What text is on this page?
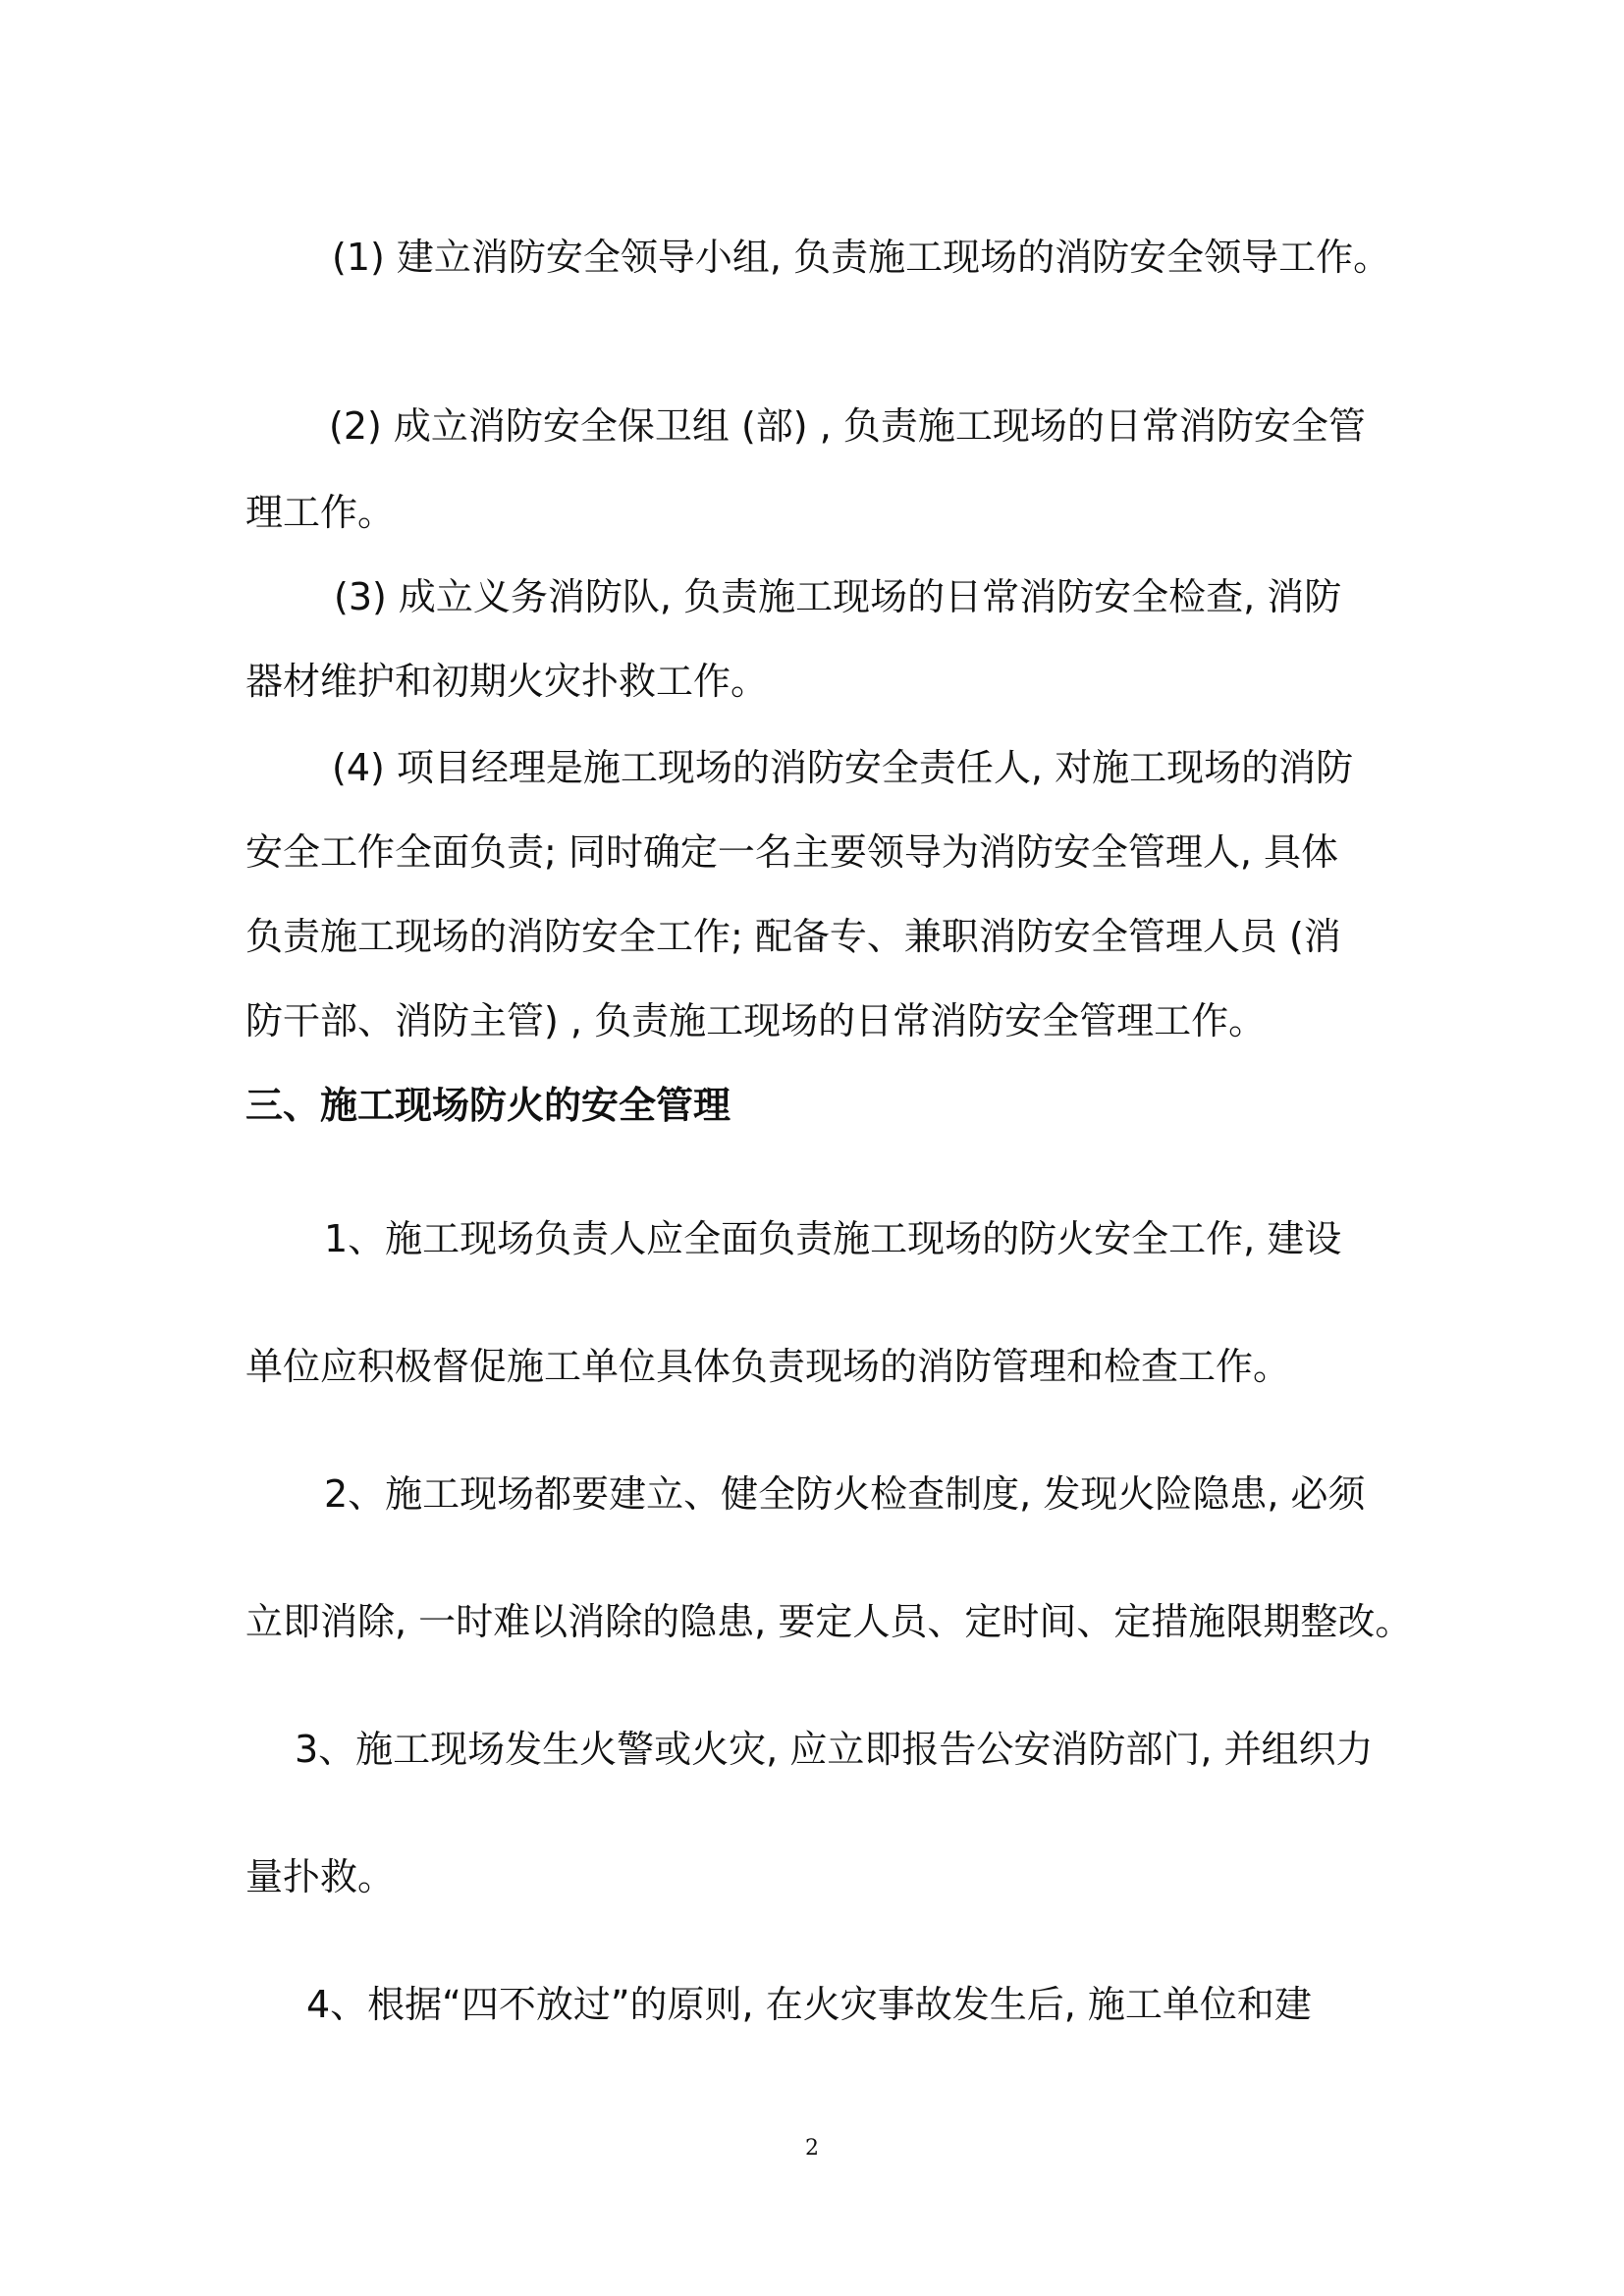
(1) 建立消防安全领导小组, 负责施工现场的消防安全领导工作。
(2) 成立消防安全保卫组 (部) , 负责施工现场的日常消防安全管
理工作。
(3) 成立义务消防队, 负责施工现场的日常消防安全检查, 消防
器材维护和初期火灾扑救工作。
(4) 项目经理是施工现场的消防安全责任人, 对施工现场的消防
安全工作全面负责; 同时确定一名主要领导为消防安全管理人, 具体
负责施工现场的消防安全工作; 配备专、兼职消防安全管理人员 (消
防干部、消防主管) , 负责施工现场的日常消防安全管理工作。
三、施工现场防火的安全管理
1、施工现场负责人应全面负责施工现场的防火安全工作, 建设
单位应积极督促施工单位具体负责现场的消防管理和检查工作。
2、施工现场都要建立、健全防火检查制度, 发现火险隐患, 必须
立即消除, 一时难以消除的隐患, 要定人员、定时间、定措施限期整改。
3、施工现场发生火警或火灾, 应立即报告公安消防部门, 并组织力
量扑救。
4、根据“四不放过”的原则, 在火灾事故发生后, 施工单位和建
2
